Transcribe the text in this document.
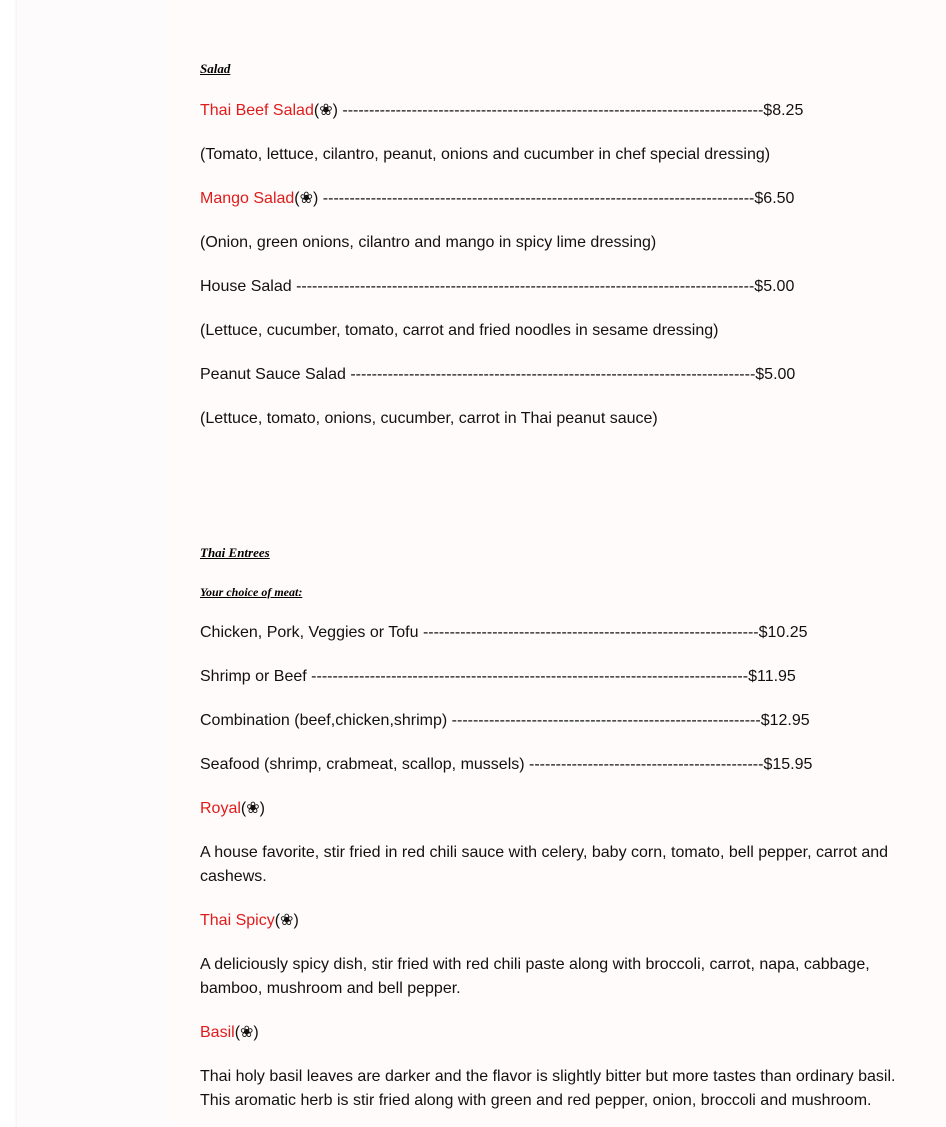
Salad
Thai Beef Salad(❀) -------------------------------------------------------------------------------$8.25
(Tomato, lettuce, cilantro, peanut, onions and cucumber in chef special dressing)
Mango Salad(❀) ---------------------------------------------------------------------------------$6.50
(Onion, green onions, cilantro and mango in spicy lime dressing)
House Salad --------------------------------------------------------------------------------------$5.00
(Lettuce, cucumber, tomato, carrot and fried noodles in sesame dressing)
Peanut Sauce Salad ----------------------------------------------------------------------------$5.00
(Lettuce, tomato, onions, cucumber, carrot in Thai peanut sauce)
Thai Entrees
Your choice of meat:
Chicken, Pork, Veggies or Tofu ---------------------------------------------------------------$10.25
Shrimp or Beef ----------------------------------------------------------------------------------$11.95
Combination (beef,chicken,shrimp) ----------------------------------------------------------$12.95
Seafood (shrimp, crabmeat, scallop, mussels) --------------------------------------------$15.95
Royal(❀)
A house favorite, stir fried in red chili sauce with celery, baby corn, tomato, bell pepper, carrot and cashews.
Thai Spicy(❀)
A deliciously spicy dish, stir fried with red chili paste along with broccoli, carrot, napa, cabbage, bamboo, mushroom and bell pepper.
Basil(❀)
Thai holy basil leaves are darker and the flavor is slightly bitter but more tastes than ordinary basil. This aromatic herb is stir fried along with green and red pepper, onion, broccoli and mushroom.
